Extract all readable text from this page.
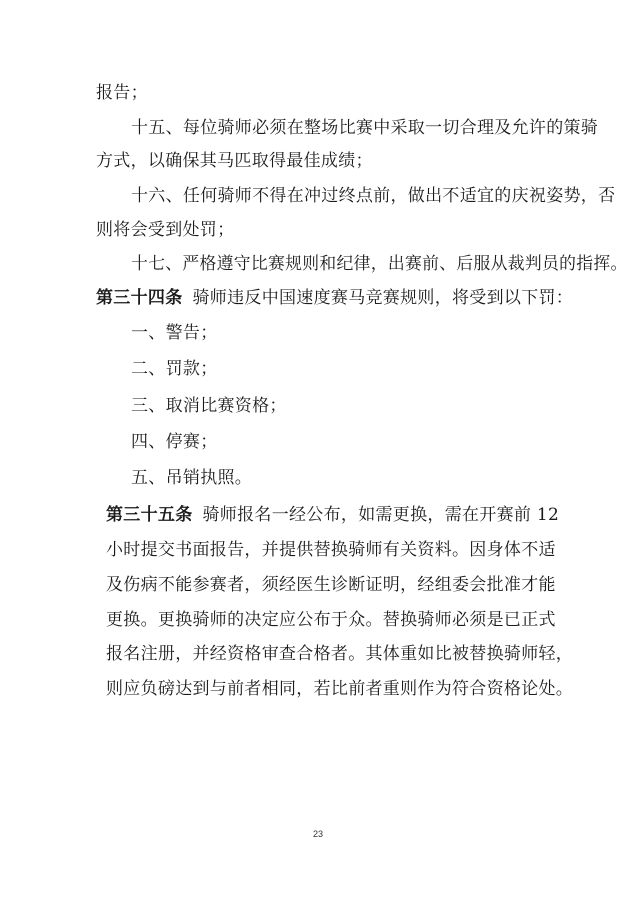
报告；
十五、每位骑师必须在整场比赛中采取一切合理及允许的策骑
方式，以确保其马匹取得最佳成绩；
十六、任何骑师不得在冲过终点前，做出不适宜的庆祝姿势，否
则将会受到处罚；
十七、严格遵守比赛规则和纪律，出赛前、后服从裁判员的指挥。
第三十四条 骑师违反中国速度赛马竞赛规则，将受到以下罚：
一、警告；
二、罚款；
三、取消比赛资格；
四、停赛；
五、吊销执照。
第三十五条 骑师报名一经公布，如需更换，需在开赛前 12
小时提交书面报告，并提供替换骑师有关资料。因身体不适
及伤病不能参赛者，须经医生诊断证明，经组委会批准才能
更换。更换骑师的决定应公布于众。替换骑师必须是已正式
报名注册，并经资格审查合格者。其体重如比被替换骑师轻，
则应负磅达到与前者相同，若比前者重则作为符合资格论处。
23
